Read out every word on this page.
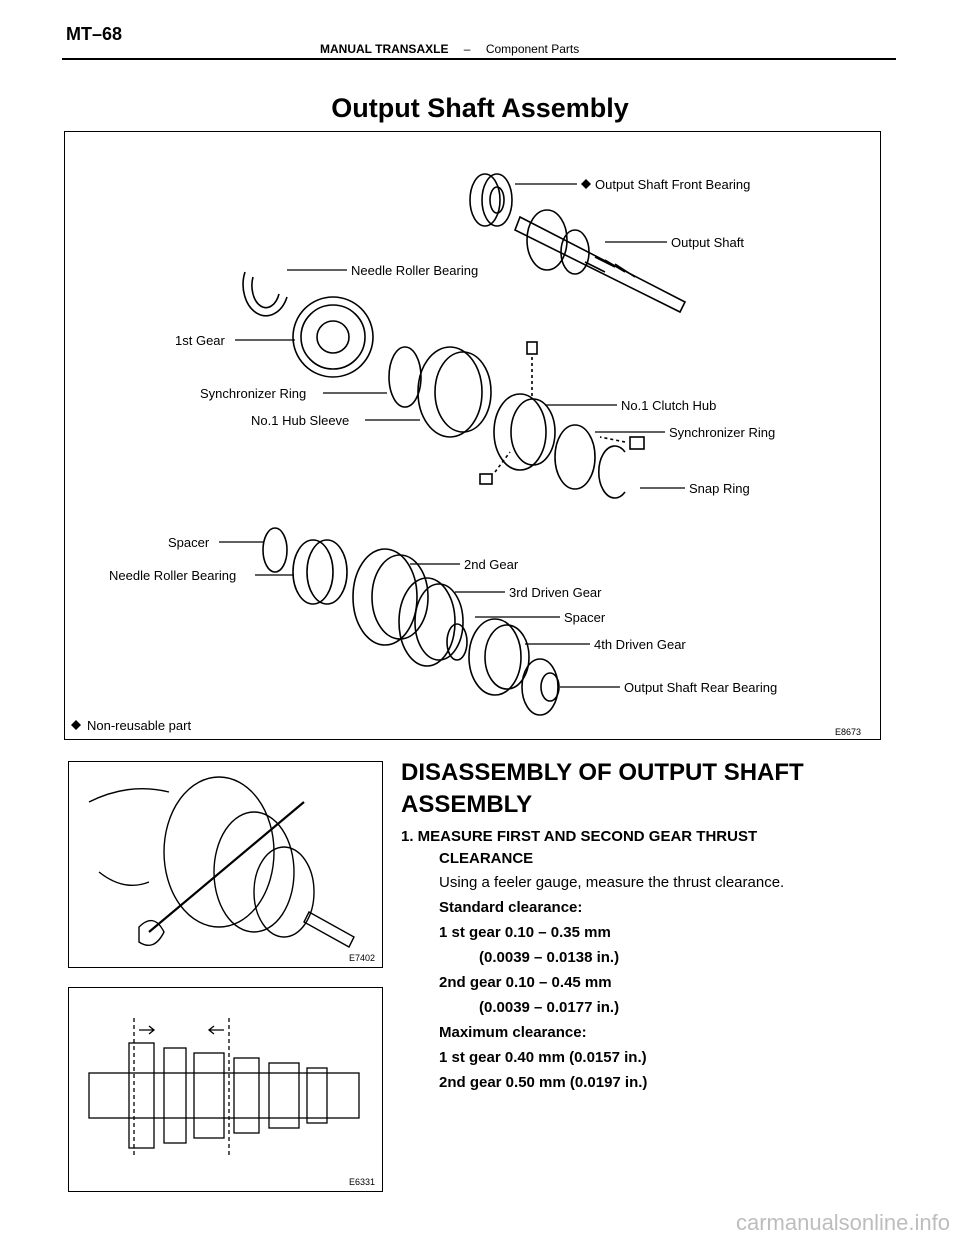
MT–68
MANUAL TRANSAXLE – Component Parts
Output Shaft Assembly
Output Shaft Front Bearing
Output Shaft
Needle Roller Bearing
1st Gear
Synchronizer Ring
No.1 Hub Sleeve
No.1 Clutch Hub
Synchronizer Ring
Snap Ring
Spacer
Needle Roller Bearing
2nd Gear
3rd Driven Gear
Spacer
4th Driven Gear
Output Shaft Rear Bearing
Non-reusable part	E8673
E7402
E6331
DISASSEMBLY OF OUTPUT SHAFT
ASSEMBLY
1. MEASURE FIRST AND SECOND GEAR THRUST
CLEARANCE
Using a feeler gauge, measure the thrust clearance.
Standard clearance:
1 st gear 0.10 – 0.35 mm
(0.0039 – 0.0138 in.)
2nd gear 0.10 – 0.45 mm
(0.0039 – 0.0177 in.)
Maximum clearance:
1 st gear 0.40 mm (0.0157 in.)
2nd gear 0.50 mm (0.0197 in.)
carmanualsonline.info
